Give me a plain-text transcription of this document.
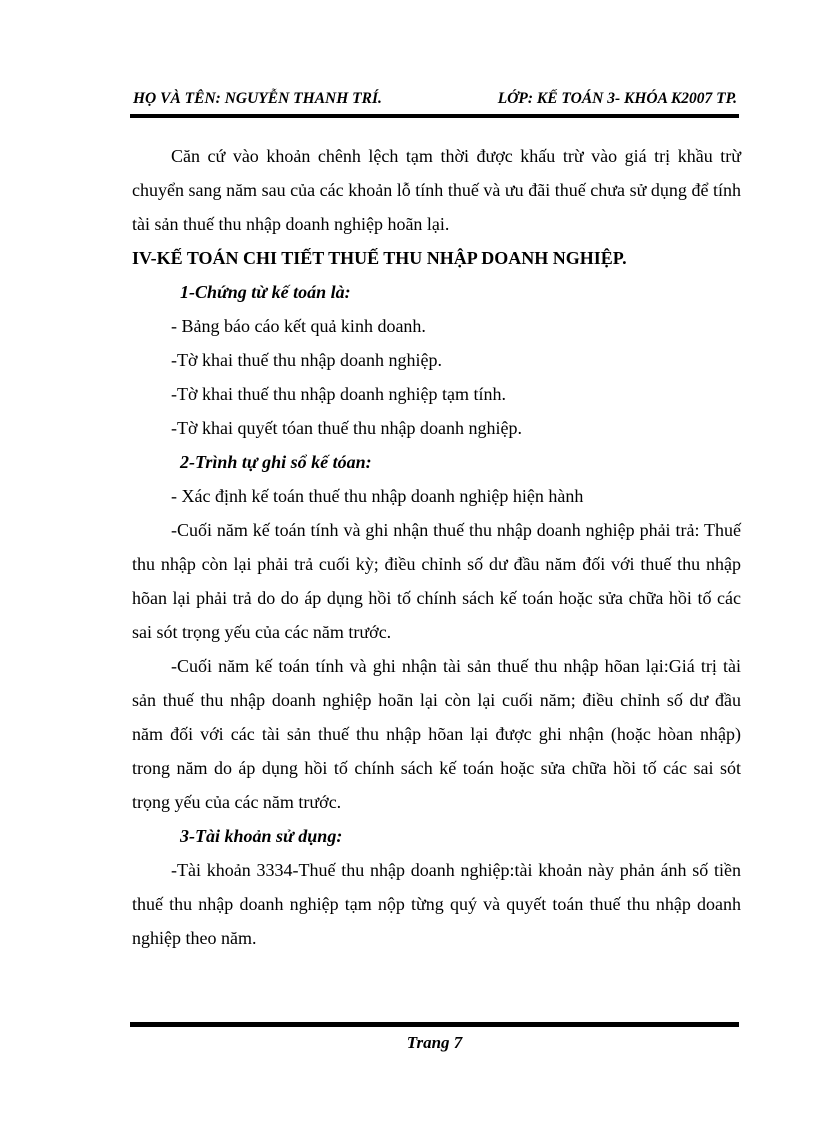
HỌ VÀ TÊN: NGUYỄN THANH TRÍ.	LỚP: KẾ TOÁN 3- KHÓA K2007 TP.

Căn cứ vào khoản chênh lệch tạm thời được khấu trừ vào giá trị khầu trừ chuyển sang năm sau của các khoản lỗ tính thuế và ưu đãi thuế chưa sử dụng để tính tài sản thuế thu nhập doanh nghiệp hoãn lại.

IV-KẾ TOÁN CHI TIẾT THUẾ THU NHẬP DOANH NGHIỆP.

1-Chứng từ kế toán là:

- Bảng báo cáo kết quả kinh doanh.

-Tờ khai thuế thu nhập doanh nghiệp.

-Tờ khai thuế thu nhập doanh nghiệp tạm tính.

-Tờ khai quyết tóan thuế thu nhập doanh nghiệp.

2-Trình tự ghi sổ kế tóan:

- Xác định kế toán thuế thu nhập doanh nghiệp hiện hành

-Cuối năm kế toán tính và ghi nhận thuế thu nhập doanh nghiệp phải trả: Thuế thu nhập còn lại phải trả cuối kỳ; điều chỉnh số dư đầu năm đối với thuế thu nhập hõan lại phải trả do do áp dụng hồi tố chính sách kế toán hoặc sửa chữa hồi tố các sai sót trọng yếu của các năm trước.

-Cuối năm kế toán tính và ghi nhận tài sản thuế thu nhập hõan lại:Giá trị tài sản thuế thu nhập doanh nghiệp hoãn lại còn lại cuối năm; điều chỉnh số dư đầu năm đối với các tài sản thuế thu nhập hõan lại được ghi nhận (hoặc hòan nhập) trong năm do áp dụng hồi tố chính sách kế toán hoặc sửa chữa hồi tố các sai sót trọng yếu của các năm trước.

3-Tài khoản sử dụng:

-Tài khoản 3334-Thuế thu nhập doanh nghiệp:tài khoản này phản ánh số tiền thuế thu nhập doanh nghiệp tạm nộp từng quý và quyết toán thuế thu nhập doanh nghiệp theo năm.

Trang 7
